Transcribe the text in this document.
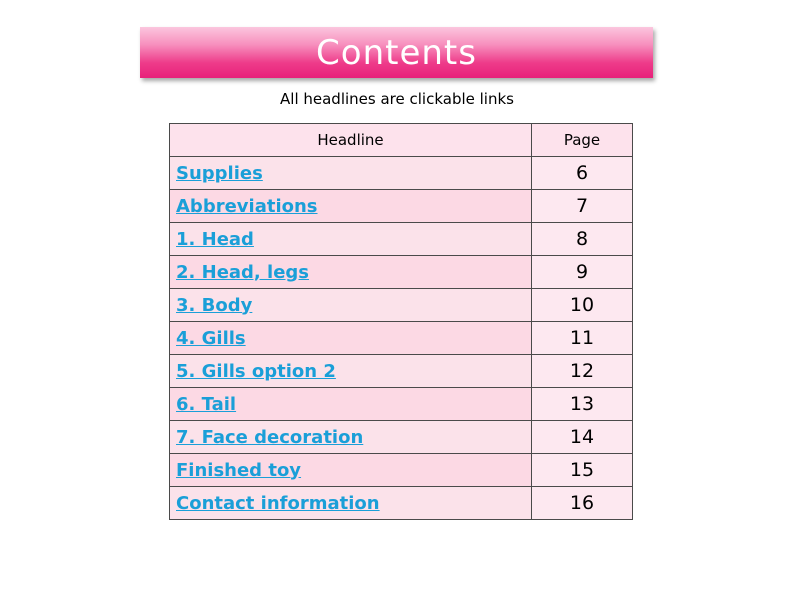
Contents
All headlines are clickable links
Headline	Page
Supplies	6
Abbreviations	7
1. Head	8
2. Head, legs	9
3. Body	10
4. Gills	11
5. Gills option 2	12
6. Tail	13
7. Face decoration	14
Finished toy	15
Contact information	16
